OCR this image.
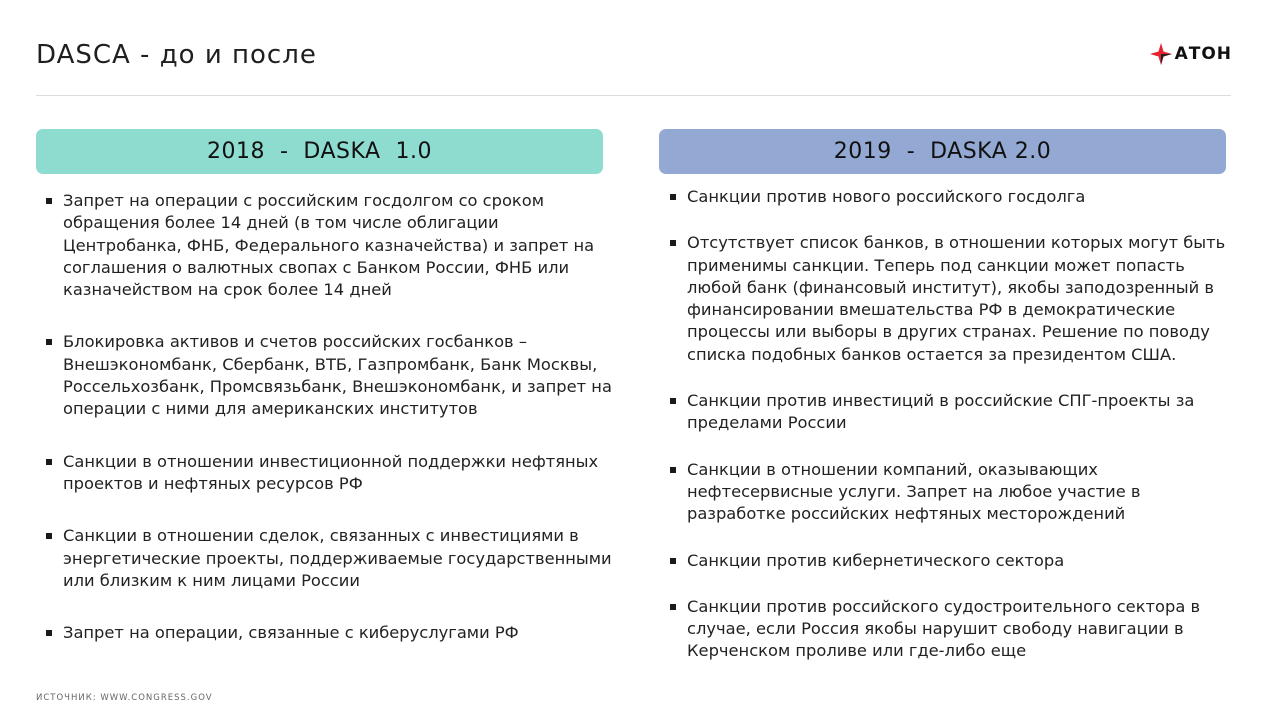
DASCA - до и после	АТОН
2018  -  DASKA  1.0	2019  -  DASKA 2.0
Запрет на операции с российским госдолгом со сроком обращения более 14 дней (в том числе облигации Центробанка, ФНБ, Федерального казначейства) и запрет на соглашения о валютных свопах с Банком России, ФНБ или казначейством на срок более 14 дней
Блокировка активов и счетов российских госбанков – Внешэкономбанк, Сбербанк, ВТБ, Газпромбанк, Банк Москвы, Россельхозбанк, Промсвязьбанк, Внешэкономбанк, и запрет на операции с ними для американских институтов
Санкции в отношении инвестиционной поддержки нефтяных проектов и нефтяных ресурсов РФ
Санкции в отношении сделок, связанных с инвестициями в энергетические проекты, поддерживаемые государственными или близким к ним лицами России
Запрет на операции, связанные с киберуслугами РФ
Санкции против нового российского госдолга
Отсутствует список банков, в отношении которых могут быть применимы санкции. Теперь под санкции может попасть любой банк (финансовый институт), якобы заподозренный в финансировании вмешательства РФ в демократические процессы или выборы в других странах. Решение по поводу списка подобных банков остается за президентом США.
Санкции против инвестиций в российские СПГ-проекты за пределами России
Санкции в отношении компаний, оказывающих нефтесервисные услуги. Запрет на любое участие в разработке российских нефтяных месторождений
Санкции против кибернетического сектора
Санкции против российского судостроительного сектора в случае, если Россия якобы нарушит свободу навигации в Керченском проливе или где-либо еще
ИСТОЧНИК: WWW.CONGRESS.GOV
